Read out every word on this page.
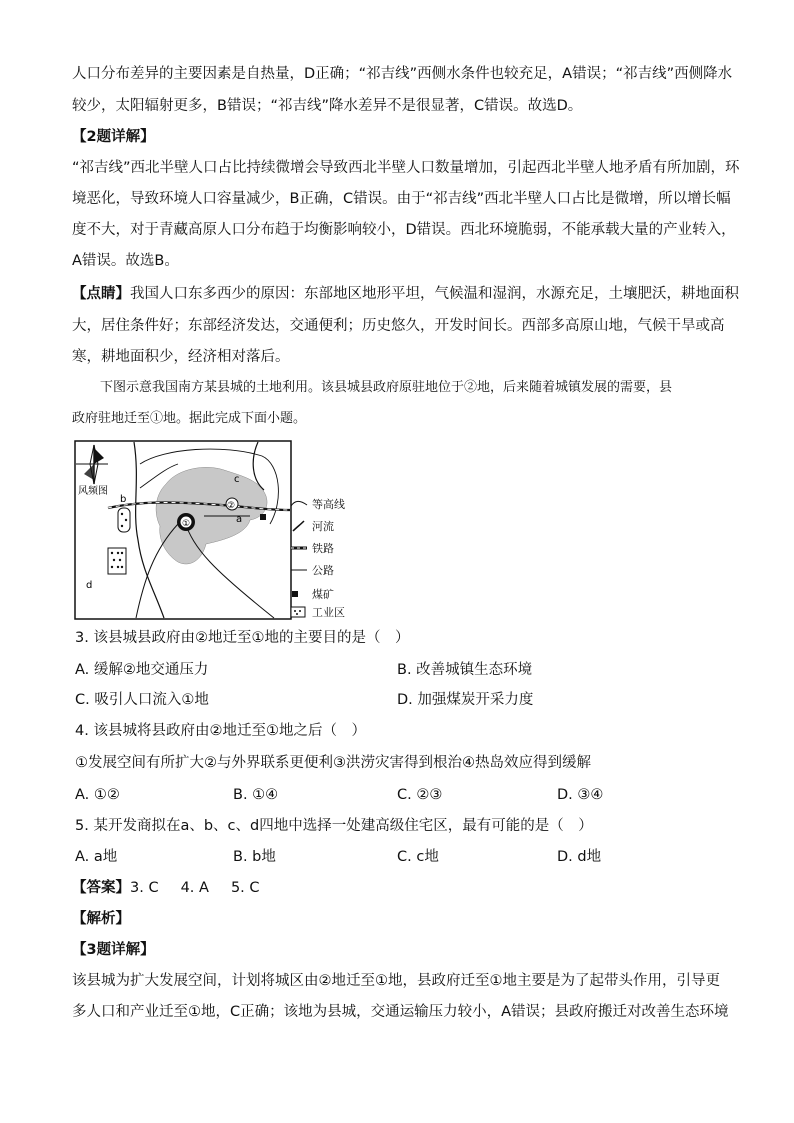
人口分布差异的主要因素是自热量，D正确；“祁吉线”西侧水条件也较充足，A错误；“祁吉线”西侧降水
较少，太阳辐射更多，B错误；“祁吉线”降水差异不是很显著，C错误。故选D。
【2题详解】
“祁吉线”西北半壁人口占比持续微增会导致西北半壁人口数量增加，引起西北半壁人地矛盾有所加剧，环
境恶化，导致环境人口容量减少，B正确，C错误。由于“祁吉线”西北半壁人口占比是微增，所以增长幅
度不大，对于青藏高原人口分布趋于均衡影响较小，D错误。西北环境脆弱，不能承载大量的产业转入，
A错误。故选B。
【点睛】我国人口东多西少的原因：东部地区地形平坦，气候温和湿润，水源充足，土壤肥沃，耕地面积
大，居住条件好；东部经济发达，交通便利；历史悠久，开发时间长。西部多高原山地，气候干旱或高
寒，耕地面积少，经济相对落后。
下图示意我国南方某县城的土地利用。该县城县政府原驻地位于②地，后来随着城镇发展的需要，县
政府驻地迁至①地。据此完成下面小题。
风频图
①
②
b
c
a
d
等高线
河流
铁路
公路
煤矿
工业区
3. 该县城县政府由②地迁至①地的主要目的是（　）
A. 缓解②地交通压力	B. 改善城镇生态环境
C. 吸引人口流入①地	D. 加强煤炭开采力度
4. 该县城将县政府由②地迁至①地之后（　）
①发展空间有所扩大②与外界联系更便利③洪涝灾害得到根治④热岛效应得到缓解
A. ①②	B. ①④	C. ②③	D. ③④
5. 某开发商拟在a、b、c、d四地中选择一处建高级住宅区，最有可能的是（　）
A. a地	B. b地	C. c地	D. d地
【答案】3. C 4. A 5. C
【解析】
【3题详解】
该县城为扩大发展空间，计划将城区由②地迁至①地，县政府迁至①地主要是为了起带头作用，引导更
多人口和产业迁至①地，C正确；该地为县城，交通运输压力较小，A错误；县政府搬迁对改善生态环境
